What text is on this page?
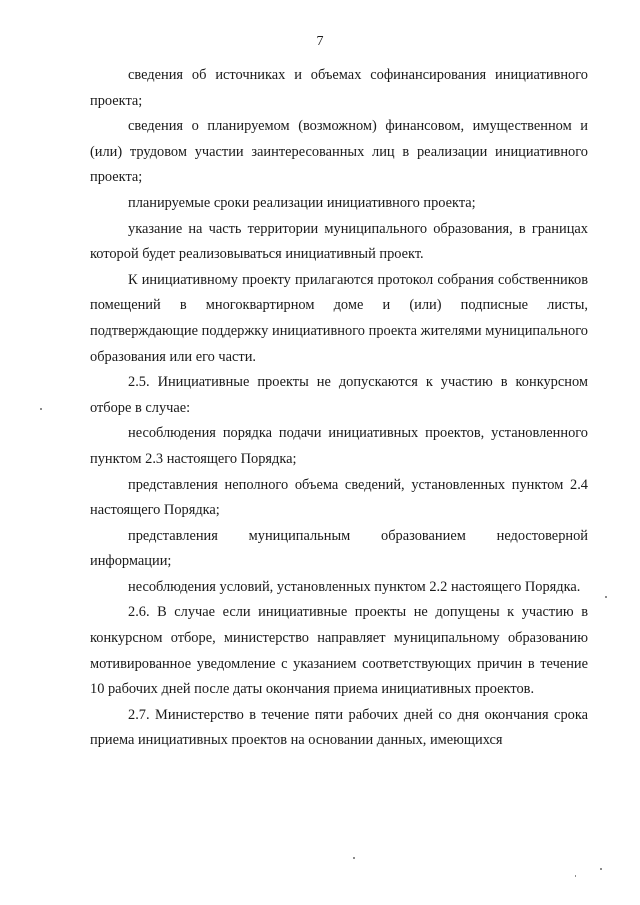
7

сведения об источниках и объемах софинансирования инициативного проекта;

сведения о планируемом (возможном) финансовом, имущественном и (или) трудовом участии заинтересованных лиц в реализации инициативного проекта;

планируемые сроки реализации инициативного проекта;

указание на часть территории муниципального образования, в границах которой будет реализовываться инициативный проект.

К инициативному проекту прилагаются протокол собрания собственников помещений в многоквартирном доме и (или) подписные листы, подтверждающие поддержку инициативного проекта жителями муниципального образования или его части.

2.5. Инициативные проекты не допускаются к участию в конкурсном отборе в случае:

несоблюдения порядка подачи инициативных проектов, установленного пунктом 2.3 настоящего Порядка;

представления неполного объема сведений, установленных пунктом 2.4 настоящего Порядка;

представления муниципальным образованием недостоверной информации;

несоблюдения условий, установленных пунктом 2.2 настоящего Порядка.

2.6. В случае если инициативные проекты не допущены к участию в конкурсном отборе, министерство направляет муниципальному образованию мотивированное уведомление с указанием соответствующих причин в течение 10 рабочих дней после даты окончания приема инициативных проектов.

2.7. Министерство в течение пяти рабочих дней со дня окончания срока приема инициативных проектов на основании данных, имеющихся
